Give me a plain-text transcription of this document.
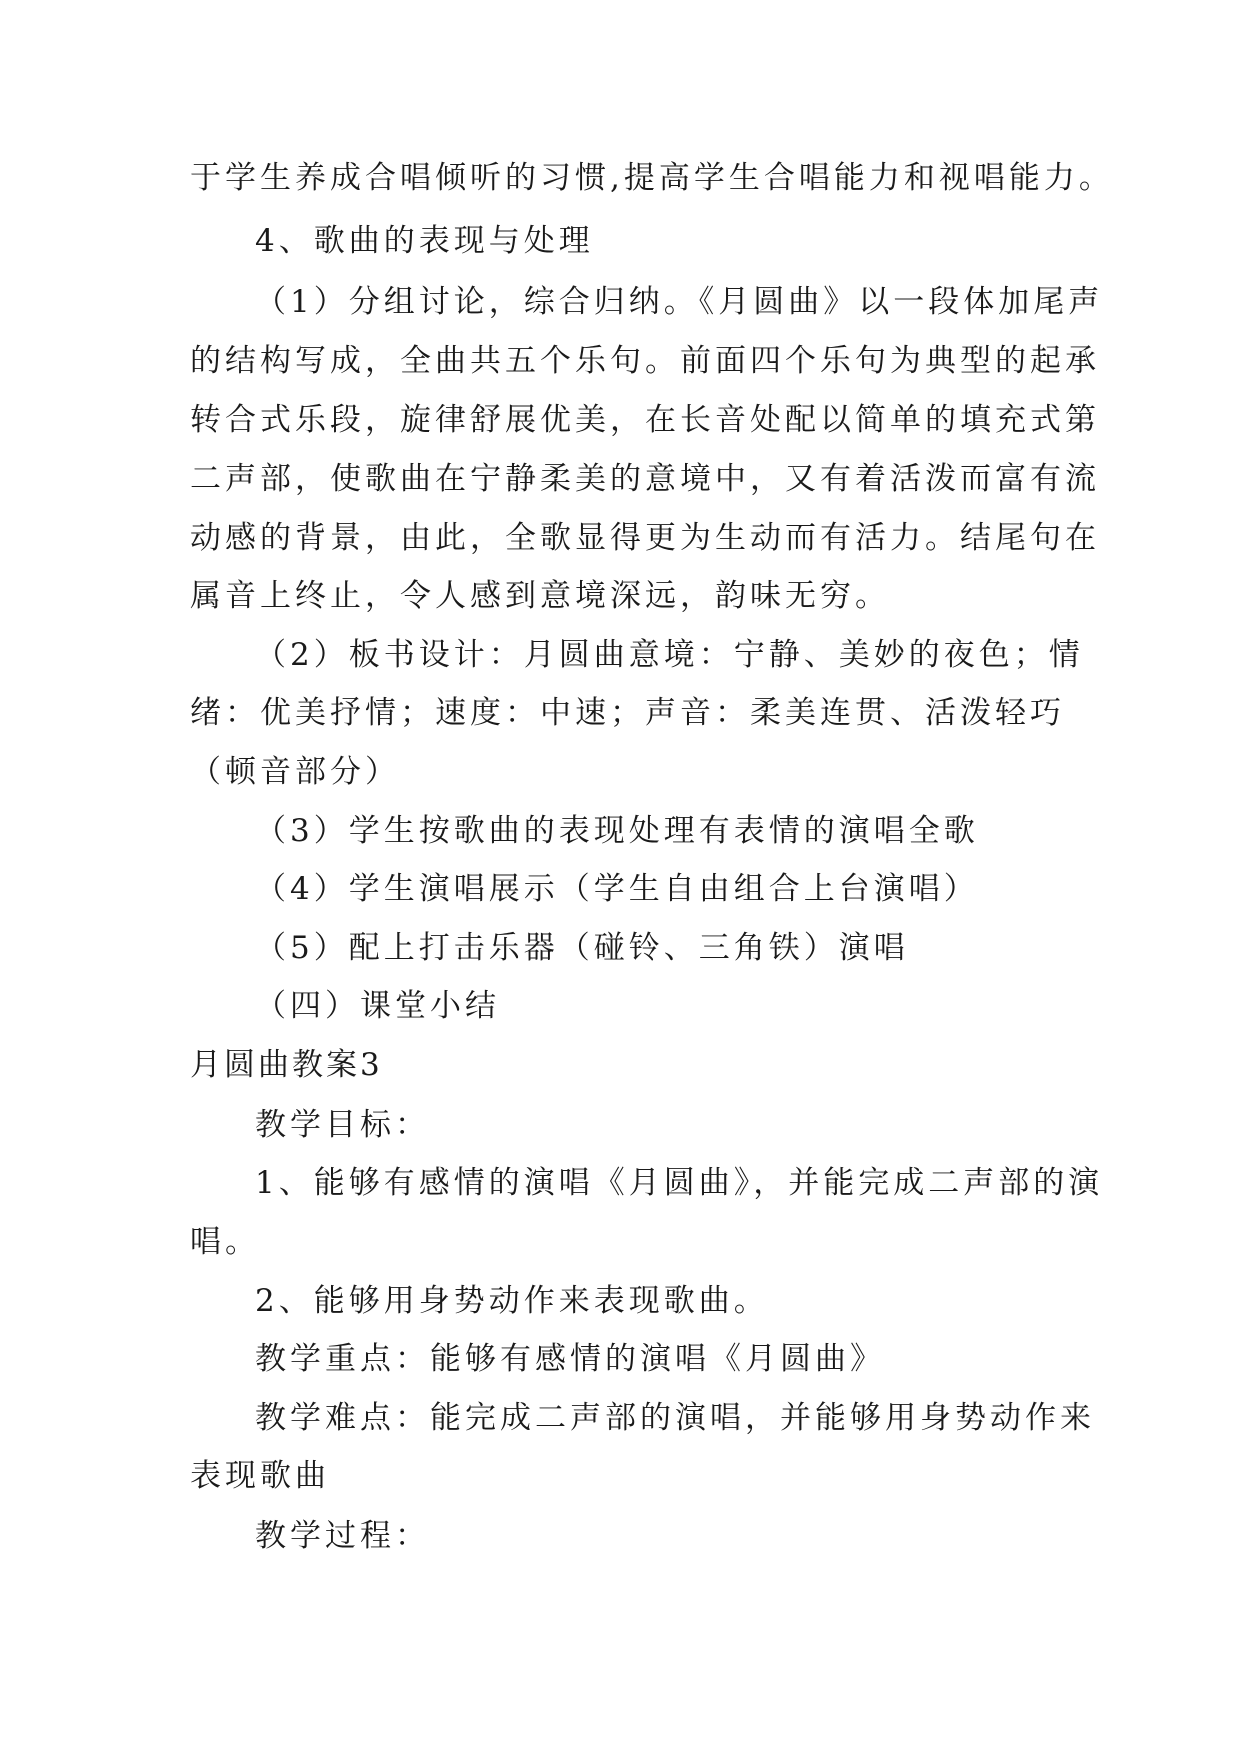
于学生养成合唱倾听的习惯,提高学生合唱能力和视唱能力。

4、歌曲的表现与处理

（1）分组讨论，综合归纳。《月圆曲》以一段体加尾声

的结构写成，全曲共五个乐句。前面四个乐句为典型的起承

转合式乐段，旋律舒展优美，在长音处配以简单的填充式第

二声部，使歌曲在宁静柔美的意境中，又有着活泼而富有流

动感的背景，由此，全歌显得更为生动而有活力。结尾句在

属音上终止，令人感到意境深远，韵味无穷。

（2）板书设计：月圆曲意境：宁静、美妙的夜色；情

绪：优美抒情；速度：中速；声音：柔美连贯、活泼轻巧

（顿音部分）

（3）学生按歌曲的表现处理有表情的演唱全歌

（4）学生演唱展示（学生自由组合上台演唱）

（5）配上打击乐器（碰铃、三角铁）演唱

（四）课堂小结

月圆曲教案3

教学目标：

1、能够有感情的演唱《月圆曲》，并能完成二声部的演

唱。

2、能够用身势动作来表现歌曲。

教学重点：能够有感情的演唱《月圆曲》

教学难点：能完成二声部的演唱，并能够用身势动作来

表现歌曲

教学过程：
